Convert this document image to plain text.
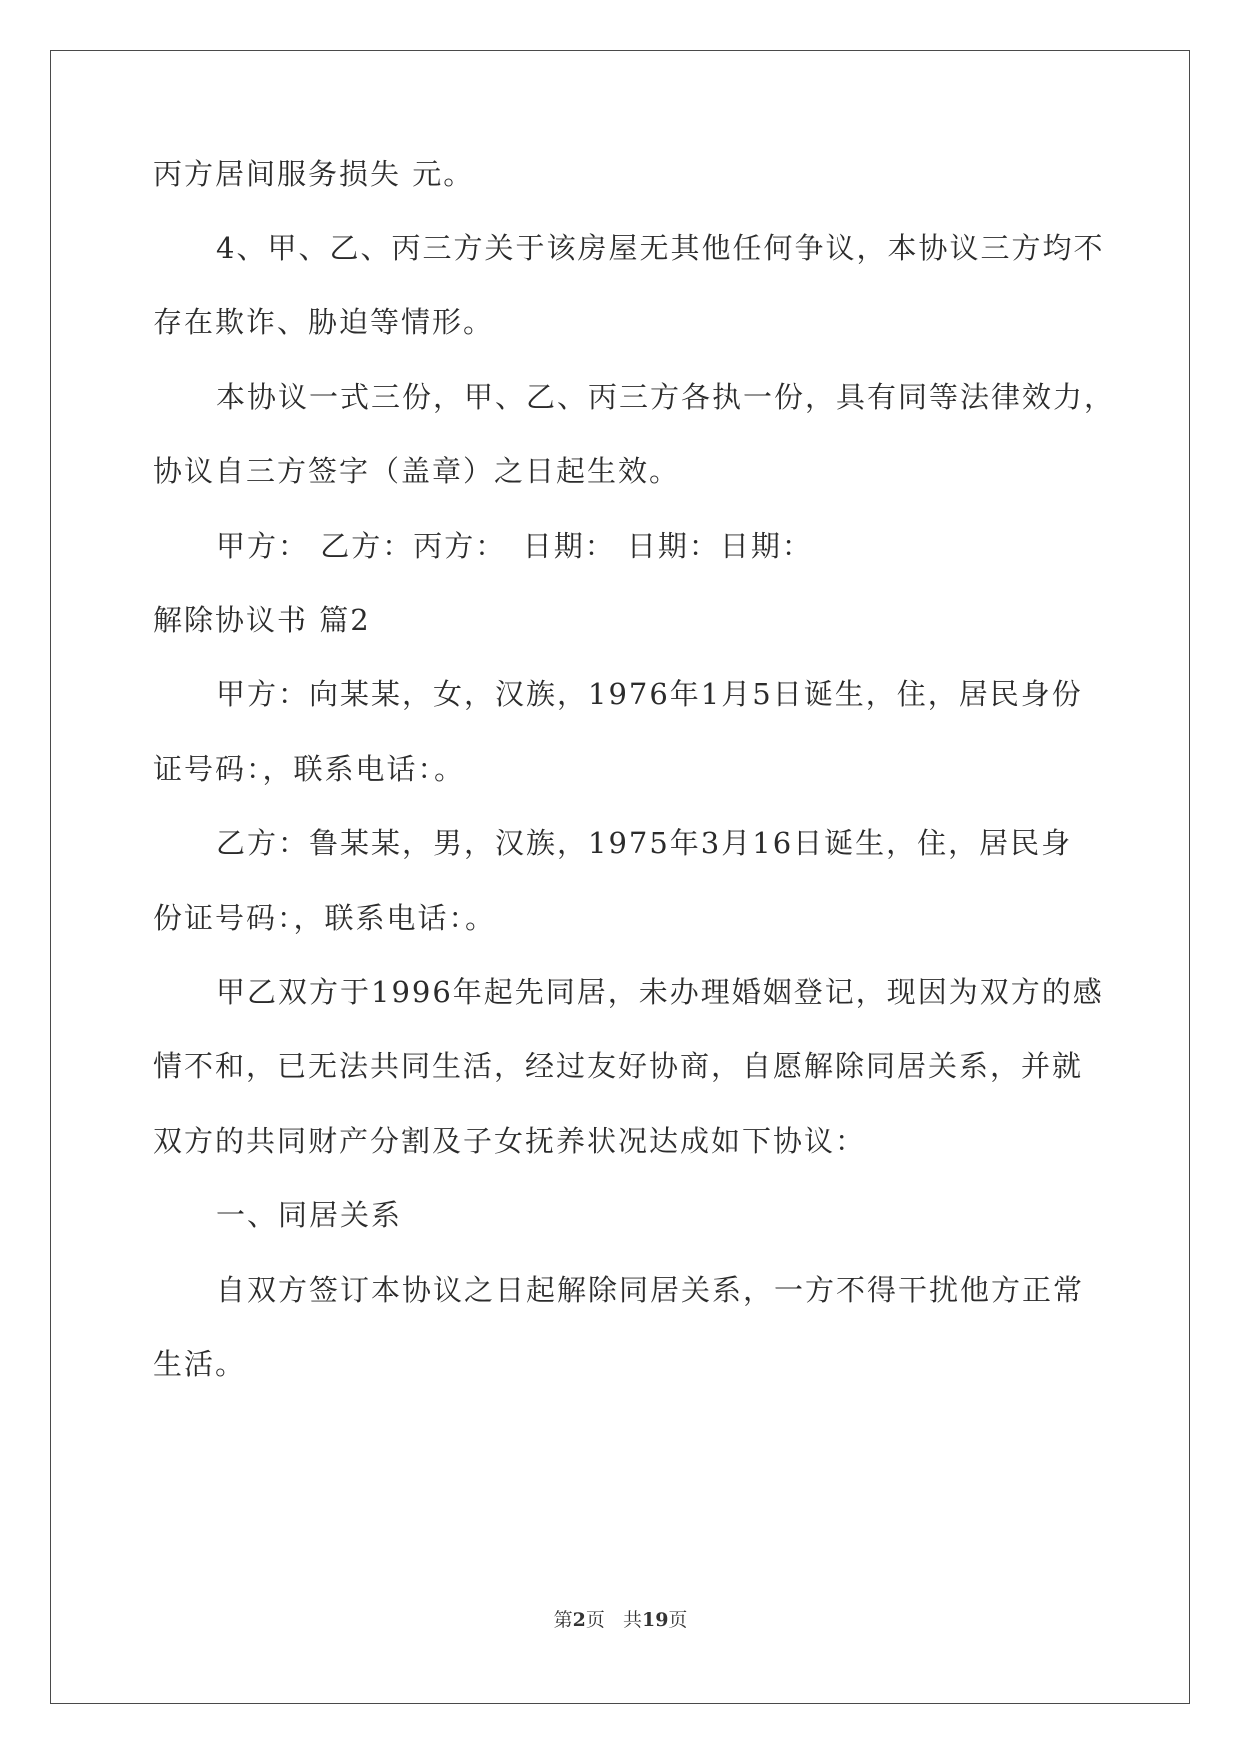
丙方居间服务损失 元。
4、甲、乙、丙三方关于该房屋无其他任何争议，本协议三方均不
存在欺诈、胁迫等情形。
本协议一式三份，甲、乙、丙三方各执一份，具有同等法律效力，
协议自三方签字（盖章）之日起生效。
甲方： 乙方：丙方：　日期： 日期：日期：
解除协议书 篇2
甲方：向某某，女，汉族，1976年1月5日诞生，住，居民身份
证号码：，联系电话：。
乙方：鲁某某，男，汉族，1975年3月16日诞生，住，居民身
份证号码：，联系电话：。
甲乙双方于1996年起先同居，未办理婚姻登记，现因为双方的感
情不和，已无法共同生活，经过友好协商，自愿解除同居关系，并就
双方的共同财产分割及子女抚养状况达成如下协议：
一、同居关系
自双方签订本协议之日起解除同居关系，一方不得干扰他方正常
生活。
第2页 共19页
